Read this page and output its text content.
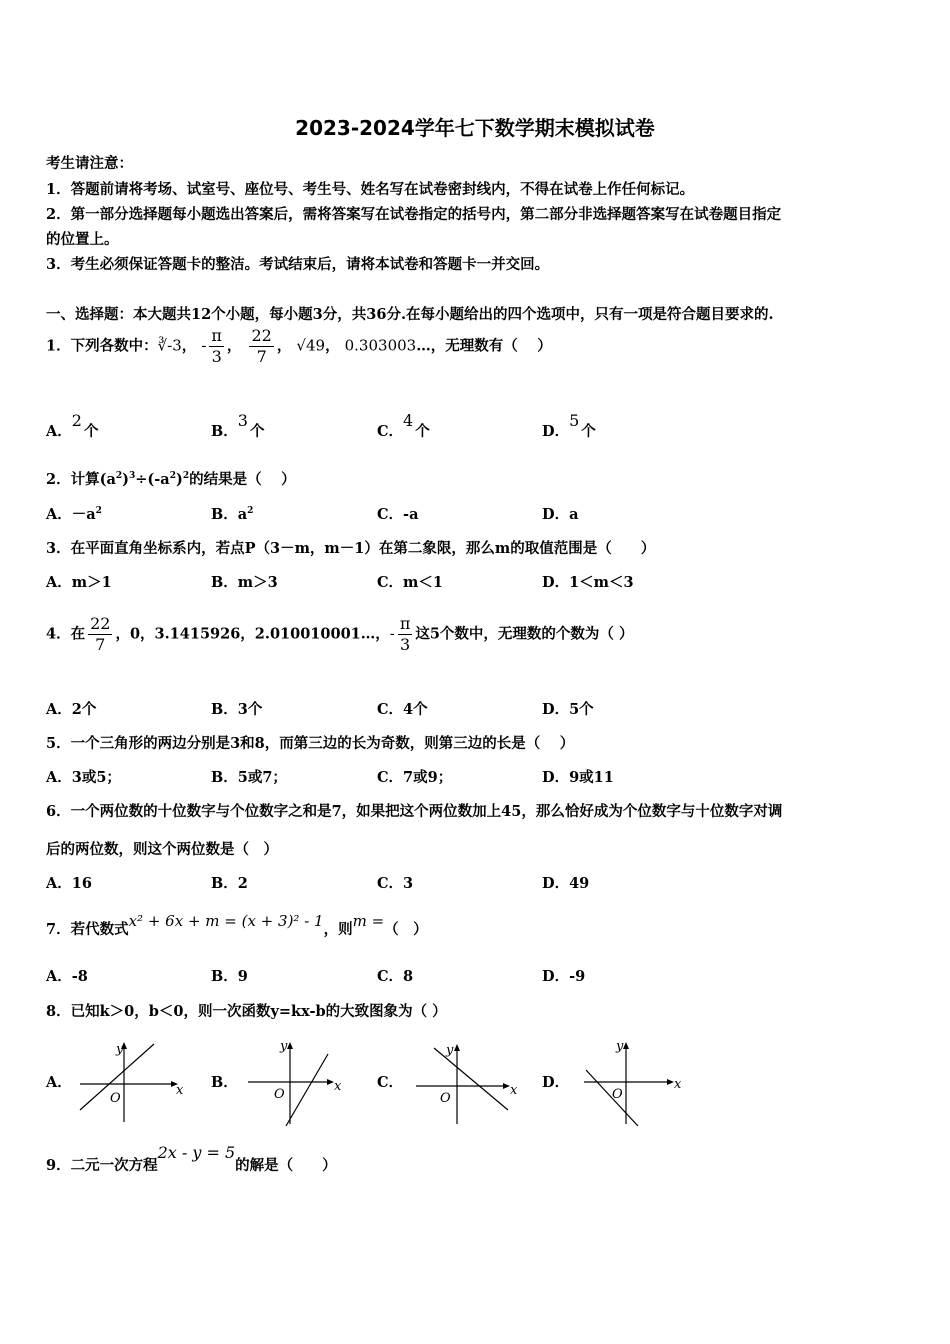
2023-2024学年七下数学期末模拟试卷
考生请注意：
1．答题前请将考场、试室号、座位号、考生号、姓名写在试卷密封线内，不得在试卷上作任何标记。
2．第一部分选择题每小题选出答案后，需将答案写在试卷指定的括号内，第二部分非选择题答案写在试卷题目指定
的位置上。
3．考生必须保证答题卡的整洁。考试结束后，请将本试卷和答题卡一并交回。
一、选择题：本大题共12个小题，每小题3分，共36分.在每小题给出的四个选项中，只有一项是符合题目要求的.
1．下列各数中：∛-3， - $\frac{\pi}{3}$ ， $\frac{22}{7}$ ， √49， 0.303003…，无理数有（　 ）
A．2个	B．3个	C．4个	D．5个
2．计算$(a^2)^3\div(-a^2)^2$的结果是（　 ）
A．$-a^2$	B．$a^2$	C．-a	D．a
3．在平面直角坐标系内，若点P（3－m，m－1）在第二象限，那么m的取值范围是（　　）
A．m＞1	B．m＞3	C．m＜1	D．1＜m＜3
4．在 $\frac{22}{7}$ ，0，3.1415926，2.010010001…，- $\frac{\pi}{3}$ 这5个数中，无理数的个数为（ ）
A．2个	B．3个	C．4个	D．5个
5．一个三角形的两边分别是3和8，而第三边的长为奇数，则第三边的长是（　 ）
A．3或5；	B．5或7；	C．7或9；	D．9或11
6．一个两位数的十位数字与个位数字之和是7，如果把这个两位数加上45，那么恰好成为个位数字与十位数字对调
后的两位数，则这个两位数是（　）
A．16	B．2	C．3	D．49
7．若代数式x² + 6x + m = (x + 3)² - 1，则m =（　）
A．-8	B．9	C．8	D．-9
8．已知k＞0，b＜0，则一次函数y=kx-b的大致图象为（ ）
A．	x
y
O
B．	x
y
O
C．	x
y
O
D．	x
y
O
9．二元一次方程2x - y = 5的解是（　　）
